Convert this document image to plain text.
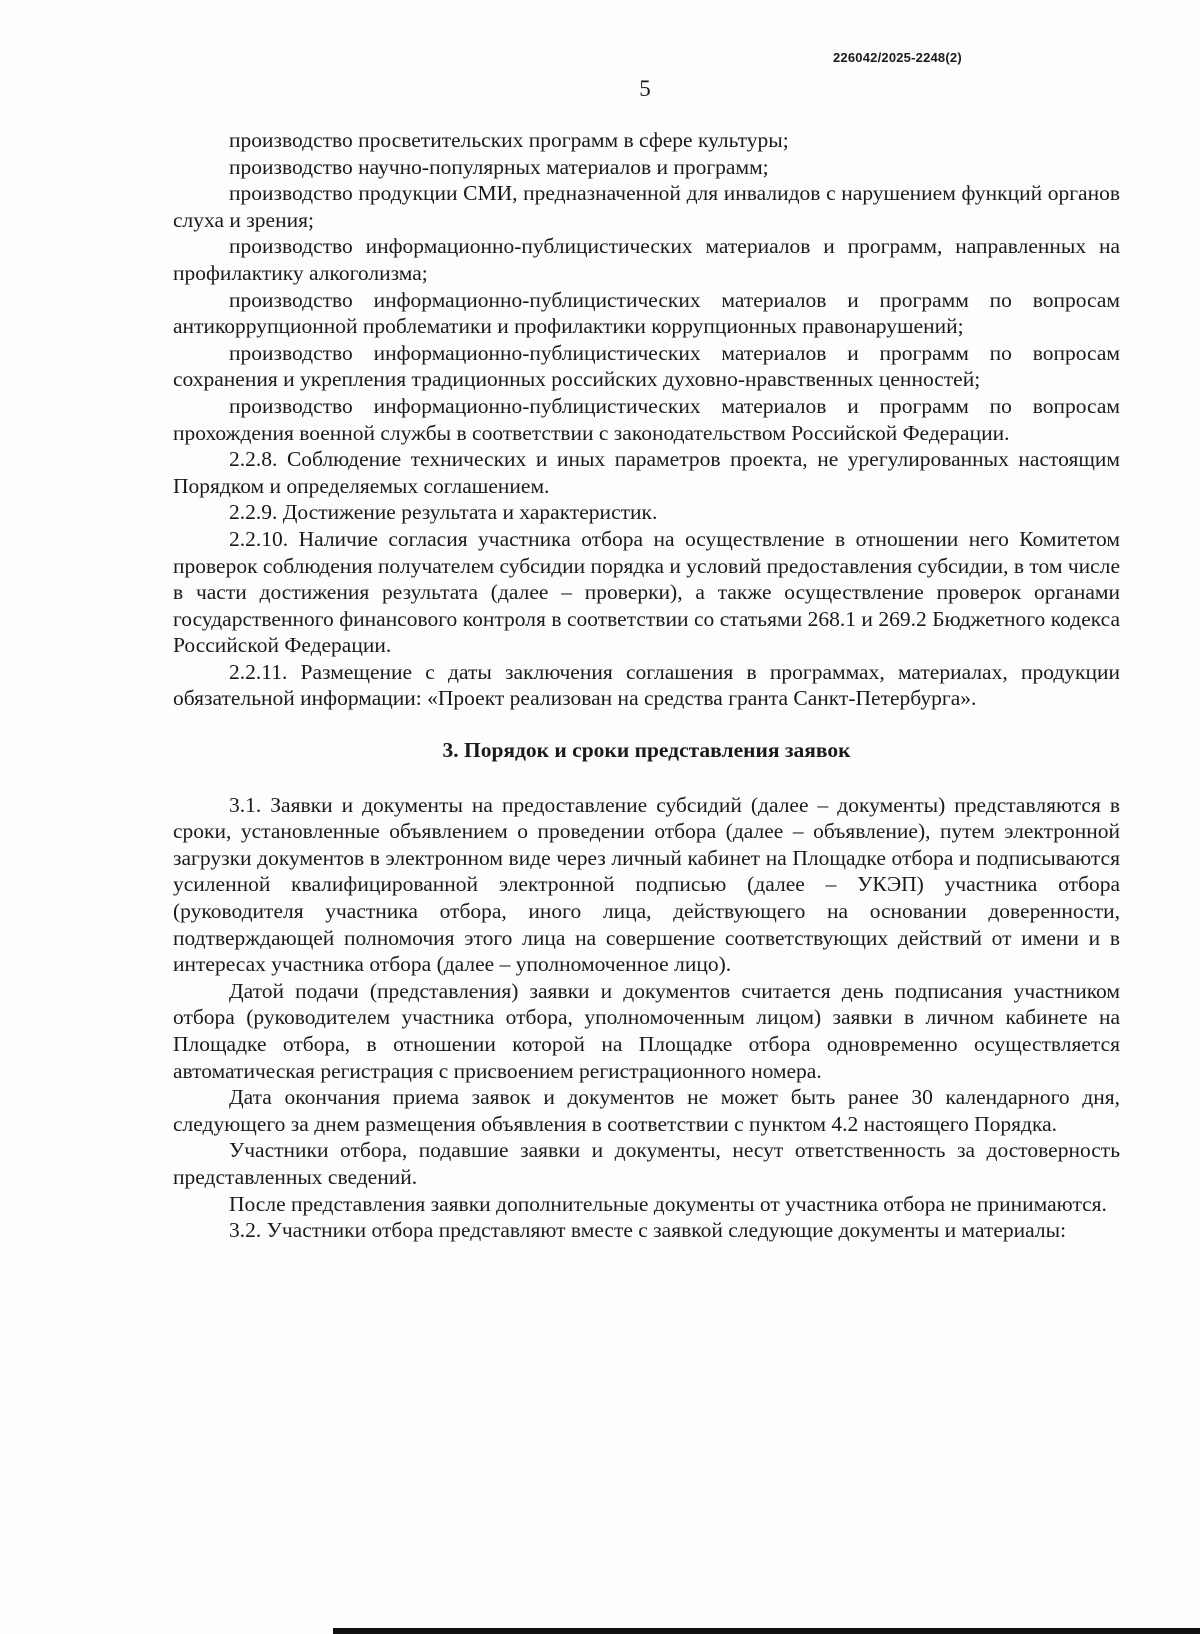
226042/2025-2248(2)
5

производство просветительских программ в сфере культуры;

производство научно-популярных материалов и программ;

производство продукции СМИ, предназначенной для инвалидов с нарушением функций органов слуха и зрения;

производство информационно-публицистических материалов и программ, направленных на профилактику алкоголизма;

производство информационно-публицистических материалов и программ по вопросам антикоррупционной проблематики и профилактики коррупционных правонарушений;

производство информационно-публицистических материалов и программ по вопросам сохранения и укрепления традиционных российских духовно-нравственных ценностей;

производство информационно-публицистических материалов и программ по вопросам прохождения военной службы в соответствии с законодательством Российской Федерации.

2.2.8. Соблюдение технических и иных параметров проекта, не урегулированных настоящим Порядком и определяемых соглашением.

2.2.9. Достижение результата и характеристик.

2.2.10. Наличие согласия участника отбора на осуществление в отношении него Комитетом проверок соблюдения получателем субсидии порядка и условий предоставления субсидии, в том числе в части достижения результата (далее – проверки), а также осуществление проверок органами государственного финансового контроля в соответствии со статьями 268.1 и 269.2 Бюджетного кодекса Российской Федерации.

2.2.11. Размещение с даты заключения соглашения в программах, материалах, продукции обязательной информации: «Проект реализован на средства гранта Санкт-Петербурга».

3. Порядок и сроки представления заявок

3.1. Заявки и документы на предоставление субсидий (далее – документы) представляются в сроки, установленные объявлением о проведении отбора (далее – объявление), путем электронной загрузки документов в электронном виде через личный кабинет на Площадке отбора и подписываются усиленной квалифицированной электронной подписью (далее – УКЭП) участника отбора (руководителя участника отбора, иного лица, действующего на основании доверенности, подтверждающей полномочия этого лица на совершение соответствующих действий от имени и в интересах участника отбора (далее – уполномоченное лицо).

Датой подачи (представления) заявки и документов считается день подписания участником отбора (руководителем участника отбора, уполномоченным лицом) заявки в личном кабинете на Площадке отбора, в отношении которой на Площадке отбора одновременно осуществляется автоматическая регистрация с присвоением регистрационного номера.

Дата окончания приема заявок и документов не может быть ранее 30 календарного дня, следующего за днем размещения объявления в соответствии с пунктом 4.2 настоящего Порядка.

Участники отбора, подавшие заявки и документы, несут ответственность за достоверность представленных сведений.

После представления заявки дополнительные документы от участника отбора не принимаются.

3.2. Участники отбора представляют вместе с заявкой следующие документы и материалы:
